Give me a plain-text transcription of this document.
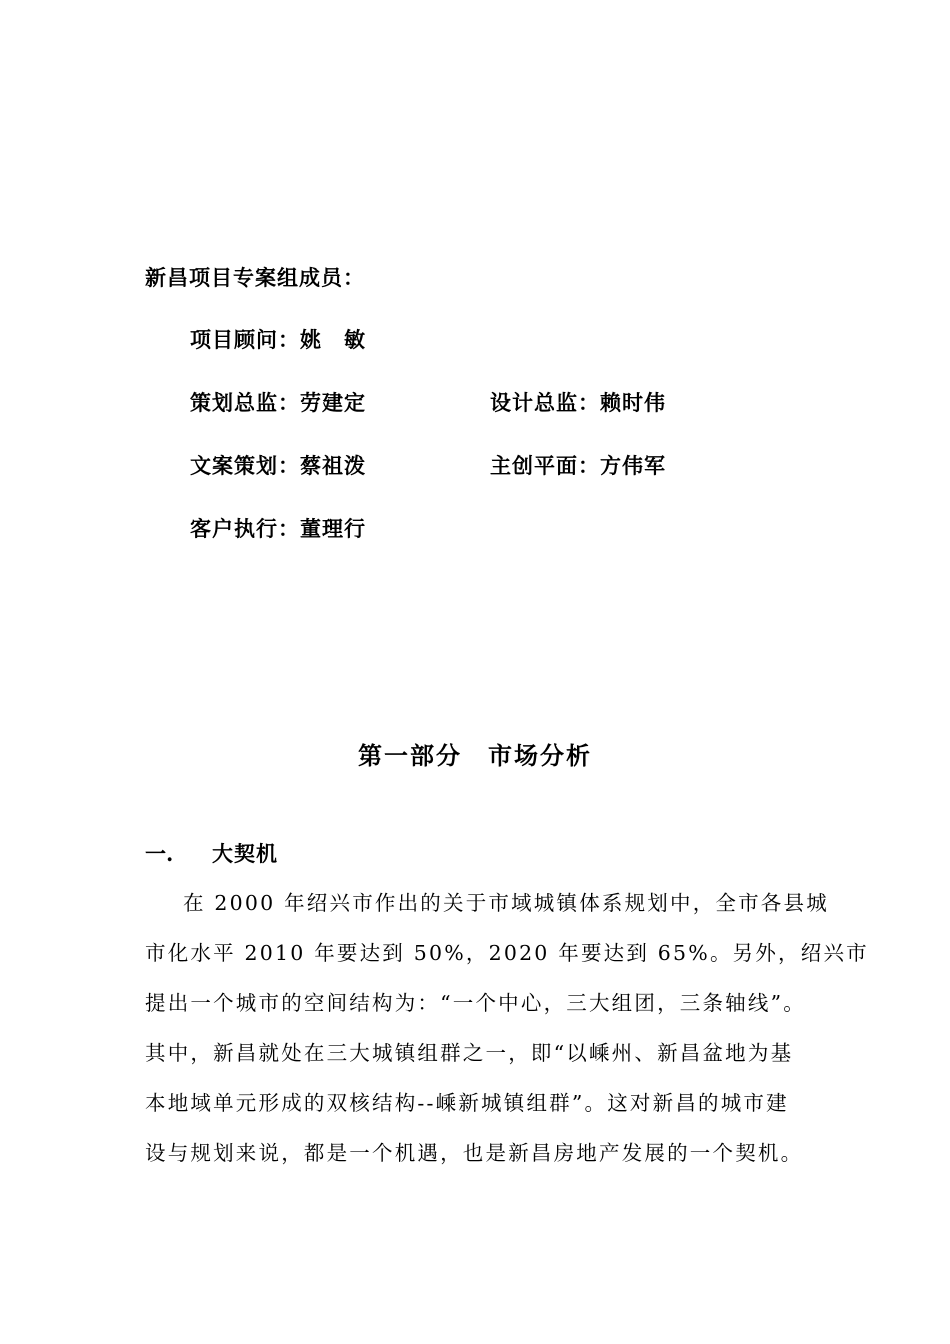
新昌项目专案组成员：
项目顾问：姚　敏
策划总监：劳建定	设计总监：赖时伟
文案策划：蔡祖泼	主创平面：方伟军
客户执行：董理行
第一部分　市场分析
一. 大契机
在 2000 年绍兴市作出的关于市域城镇体系规划中，全市各县城
市化水平 2010 年要达到 50%，2020 年要达到 65%。另外，绍兴市
提出一个城市的空间结构为：“一个中心，三大组团，三条轴线”。
其中，新昌就处在三大城镇组群之一，即“以嵊州、新昌盆地为基
本地域单元形成的双核结构--嵊新城镇组群”。这对新昌的城市建
设与规划来说，都是一个机遇，也是新昌房地产发展的一个契机。
